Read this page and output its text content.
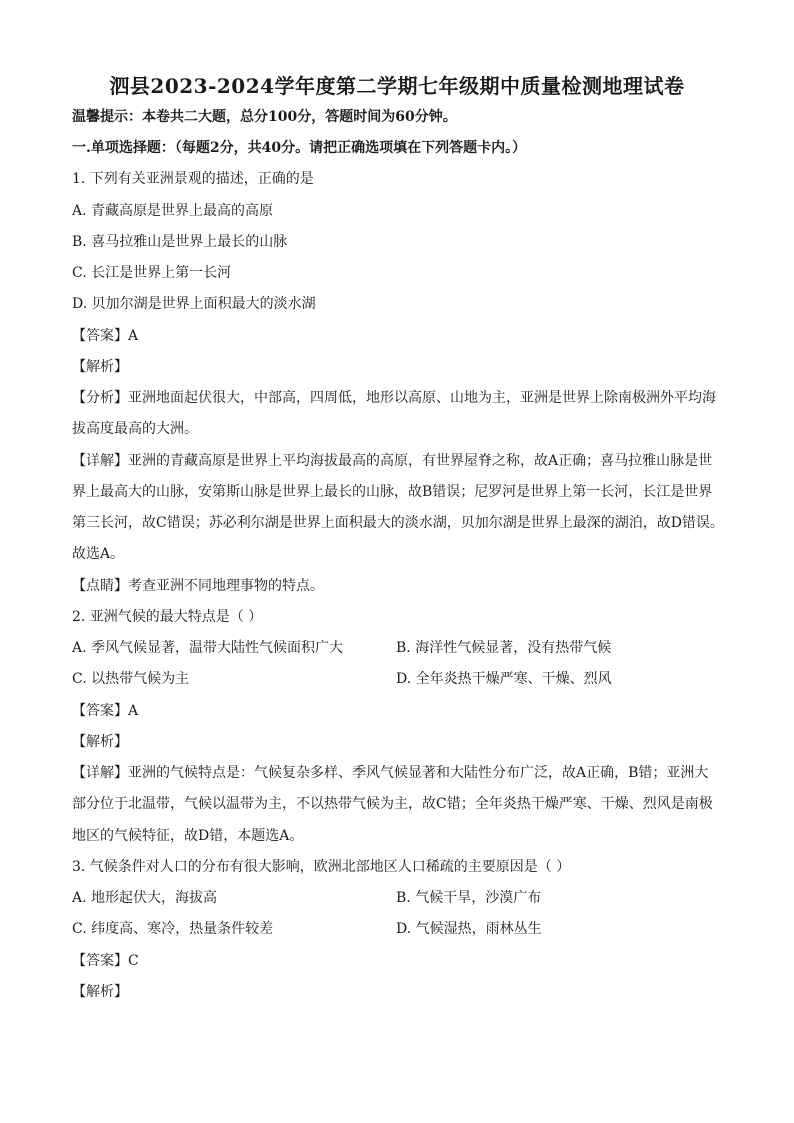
泗县2023-2024学年度第二学期七年级期中质量检测地理试卷
温馨提示：本卷共二大题，总分100分，答题时间为60分钟。
一.单项选择题：（每题2分，共40分。请把正确选项填在下列答题卡内。）
1. 下列有关亚洲景观的描述，正确的是
A. 青藏高原是世界上最高的高原
B. 喜马拉雅山是世界上最长的山脉
C. 长江是世界上第一长河
D. 贝加尔湖是世界上面积最大的淡水湖
【答案】A
【解析】
【分析】亚洲地面起伏很大，中部高，四周低，地形以高原、山地为主，亚洲是世界上除南极洲外平均海
拔高度最高的大洲。
【详解】亚洲的青藏高原是世界上平均海拔最高的高原，有世界屋脊之称，故A正确；喜马拉雅山脉是世
界上最高大的山脉，安第斯山脉是世界上最长的山脉，故B错误；尼罗河是世界上第一长河，长江是世界
第三长河，故C错误；苏必利尔湖是世界上面积最大的淡水湖，贝加尔湖是世界上最深的湖泊，故D错误。
故选A。
【点睛】考查亚洲不同地理事物的特点。
2. 亚洲气候的最大特点是（ ）
A. 季风气候显著，温带大陆性气候面积广大	B. 海洋性气候显著，没有热带气候
C. 以热带气候为主	D. 全年炎热干燥严寒、干燥、烈风
【答案】A
【解析】
【详解】亚洲的气候特点是：气候复杂多样、季风气候显著和大陆性分布广泛，故A正确，B错；亚洲大
部分位于北温带，气候以温带为主，不以热带气候为主，故C错；全年炎热干燥严寒、干燥、烈风是南极
地区的气候特征，故D错，本题选A。
3. 气候条件对人口的分布有很大影响，欧洲北部地区人口稀疏的主要原因是（ ）
A. 地形起伏大，海拔高	B. 气候干旱，沙漠广布
C. 纬度高、寒冷，热量条件较差	D. 气候湿热，雨林丛生
【答案】C
【解析】
